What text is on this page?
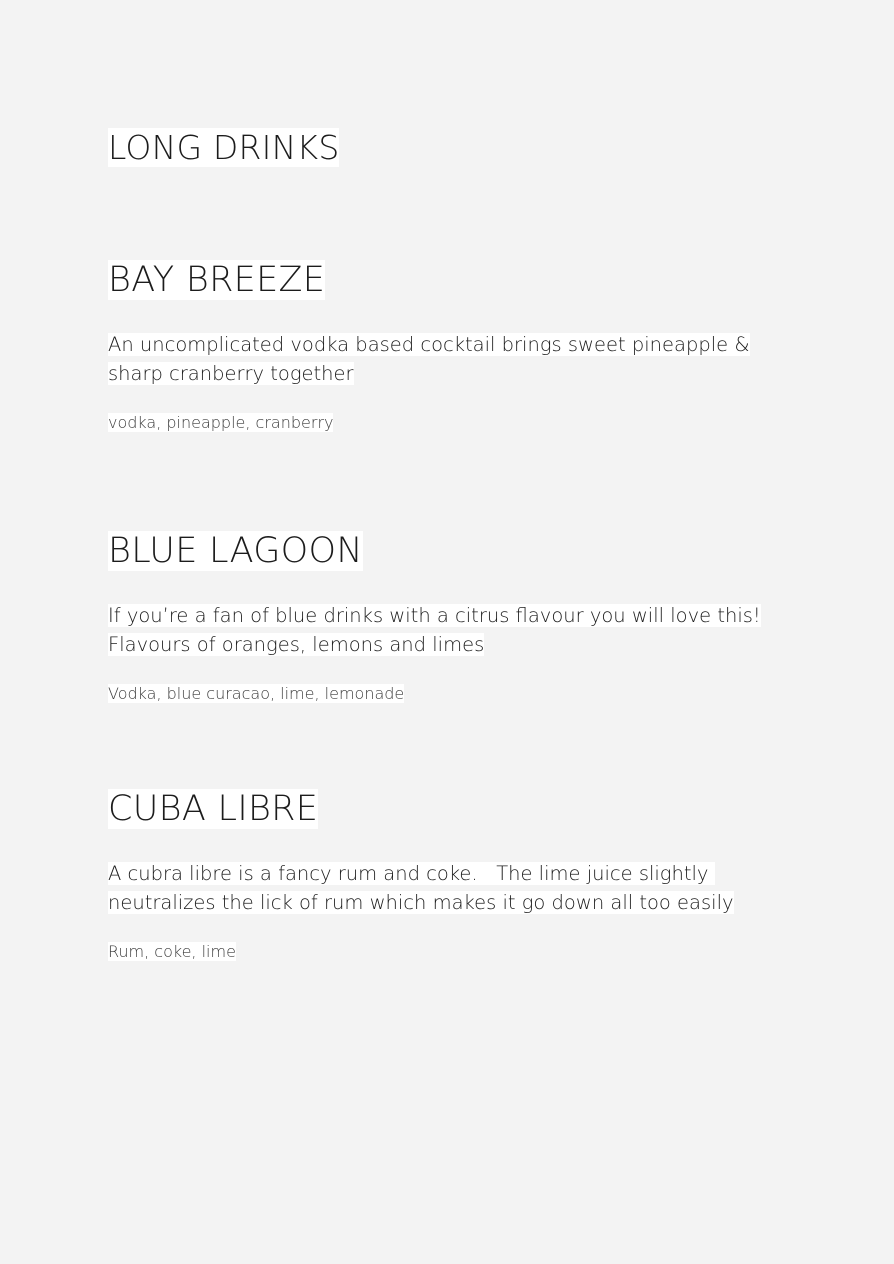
LONG DRINKS
BAY BREEZE

An uncomplicated vodka based cocktail brings sweet pineapple & sharp cranberry together

vodka, pineapple, cranberry

BLUE LAGOON

If you’re a fan of blue drinks with a citrus flavour you will love this! Flavours of oranges, lemons and limes

Vodka, blue curacao, lime, lemonade

CUBA LIBRE

A cubra libre is a fancy rum and coke.   The lime juice slightly neutralizes the lick of rum which makes it go down all too easily

Rum, coke, lime
